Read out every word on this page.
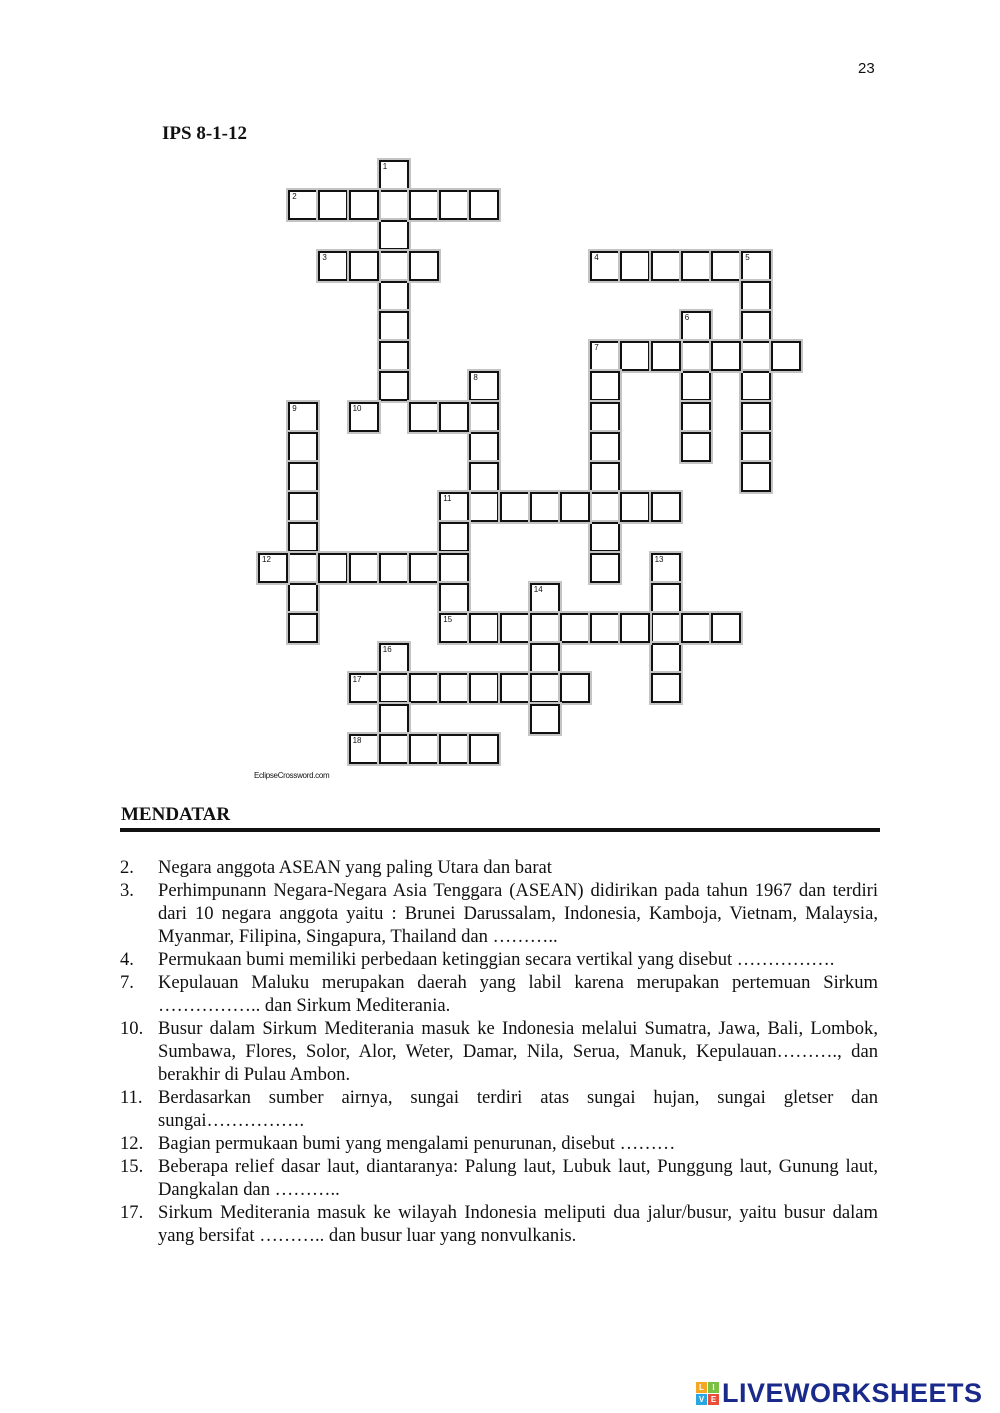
23
IPS 8-1-12
1
2
3	4	5
6
7
8
9	10
11
12	13
14
15
16
17
18
EclipseCrossword.com
MENDATAR
2.	Negara anggota ASEAN yang paling Utara dan barat
3.	Perhimpunann Negara-Negara Asia Tenggara (ASEAN) didirikan pada tahun 1967 dan terdiri dari 10 negara anggota yaitu : Brunei Darussalam, Indonesia, Kamboja, Vietnam, Malaysia, Myanmar, Filipina, Singapura, Thailand dan ………..
4.	Permukaan bumi memiliki perbedaan ketinggian secara vertikal yang disebut …………….
7.	Kepulauan Maluku merupakan daerah yang labil karena merupakan pertemuan Sirkum …………….. dan Sirkum Mediterania.
10. Busur dalam Sirkum Mediterania masuk ke Indonesia melalui Sumatra, Jawa, Bali, Lombok, Sumbawa, Flores, Solor, Alor, Weter, Damar, Nila, Serua, Manuk, Kepulauan………., dan berakhir di Pulau Ambon.
11. Berdasarkan sumber airnya, sungai terdiri atas sungai hujan, sungai gletser dan sungai…………….
12. Bagian permukaan bumi yang mengalami penurunan, disebut ………
15. Beberapa relief dasar laut, diantaranya: Palung laut, Lubuk laut, Punggung laut, Gunung laut, Dangkalan dan ………..
17. Sirkum Mediterania masuk ke wilayah Indonesia meliputi dua jalur/busur, yaitu busur dalam yang bersifat ……….. dan busur luar yang nonvulkanis.
L	I
V E LIVEWORKSHEETS
